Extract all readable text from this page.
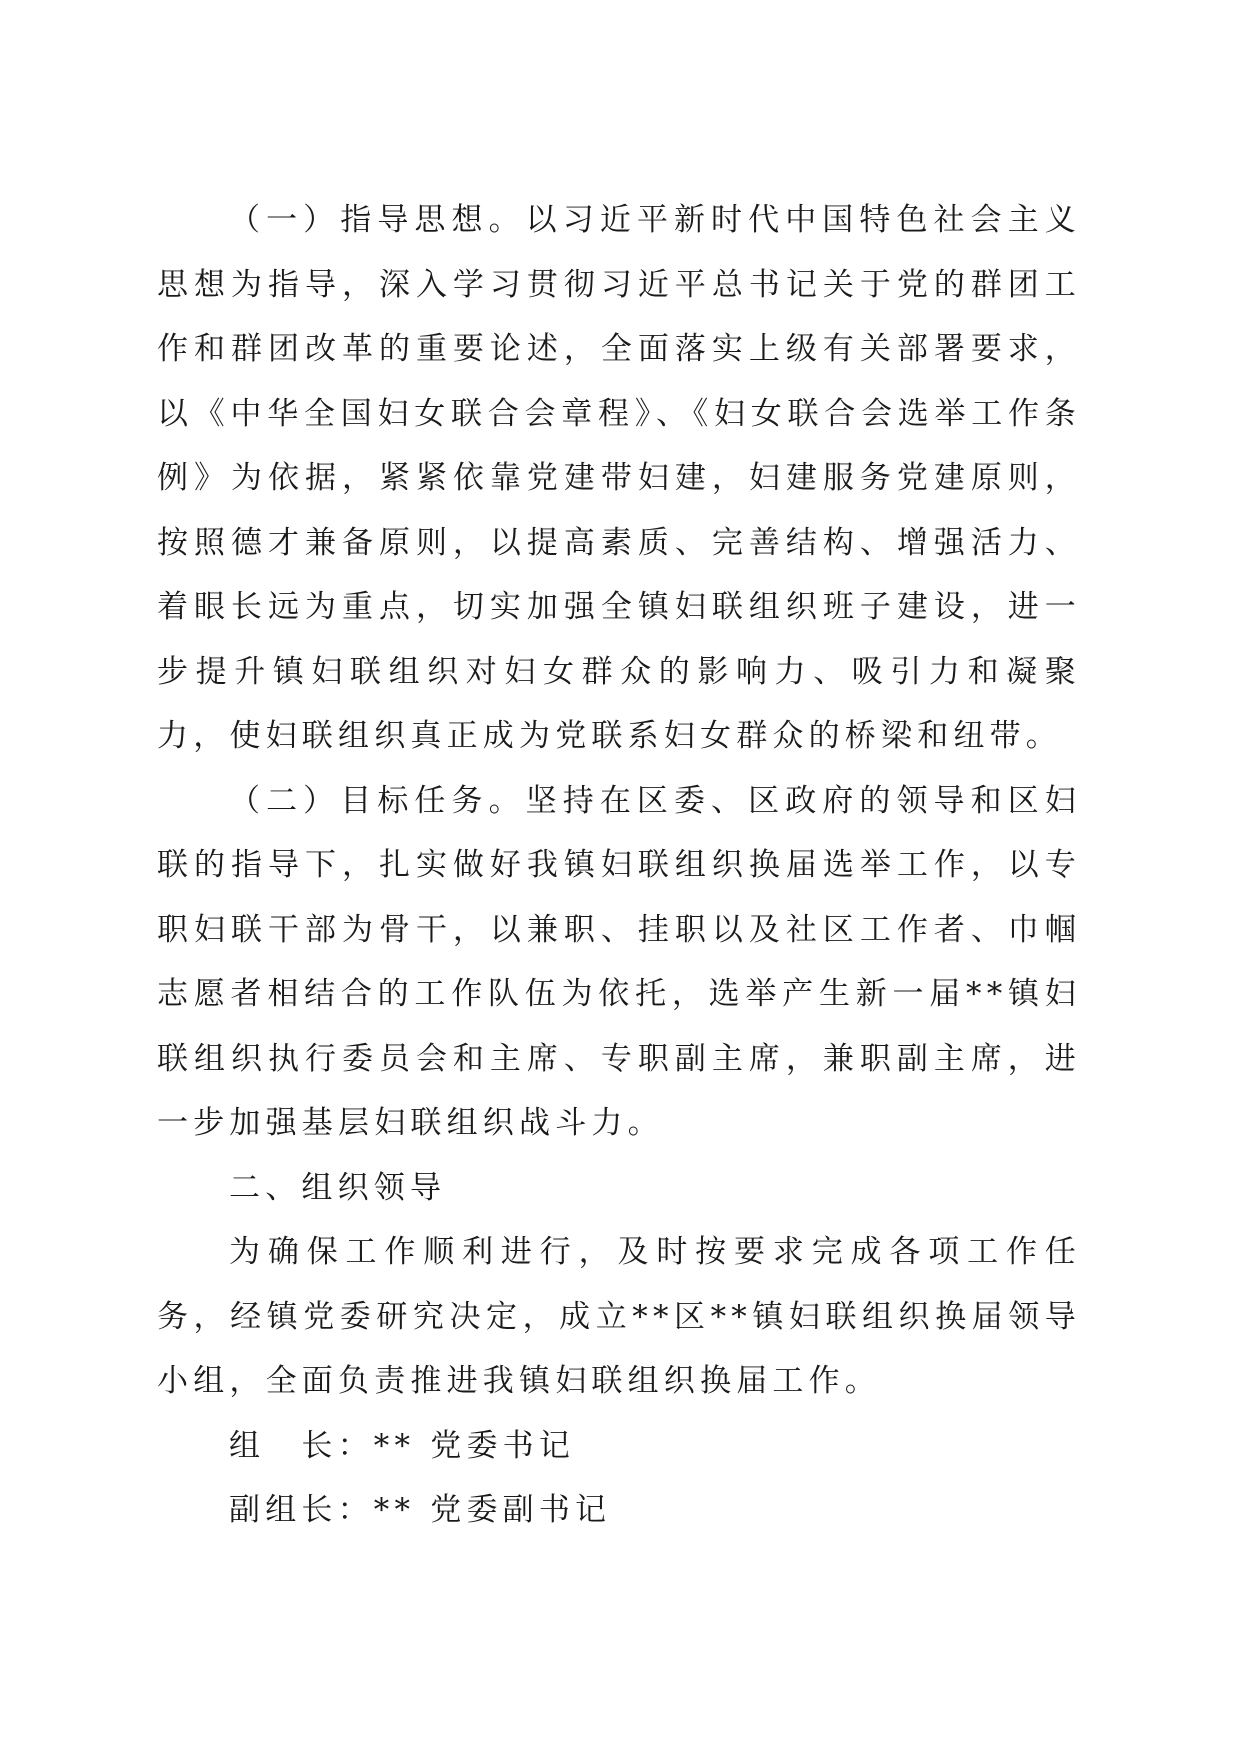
（一）指导思想。以习近平新时代中国特色社会主义思想为指导，深入学习贯彻习近平总书记关于党的群团工作和群团改革的重要论述，全面落实上级有关部署要求，以《中华全国妇女联合会章程》、《妇女联合会选举工作条例》为依据，紧紧依靠党建带妇建，妇建服务党建原则，按照德才兼备原则，以提高素质、完善结构、增强活力、着眼长远为重点，切实加强全镇妇联组织班子建设，进一步提升镇妇联组织对妇女群众的影响力、吸引力和凝聚力，使妇联组织真正成为党联系妇女群众的桥梁和纽带。

（二）目标任务。坚持在区委、区政府的领导和区妇联的指导下，扎实做好我镇妇联组织换届选举工作，以专职妇联干部为骨干，以兼职、挂职以及社区工作者、巾帼志愿者相结合的工作队伍为依托，选举产生新一届**镇妇联组织执行委员会和主席、专职副主席，兼职副主席，进一步加强基层妇联组织战斗力。

二、组织领导

为确保工作顺利进行，及时按要求完成各项工作任务，经镇党委研究决定，成立**区**镇妇联组织换届领导小组，全面负责推进我镇妇联组织换届工作。

组　长：** 党委书记

副组长：** 党委副书记
